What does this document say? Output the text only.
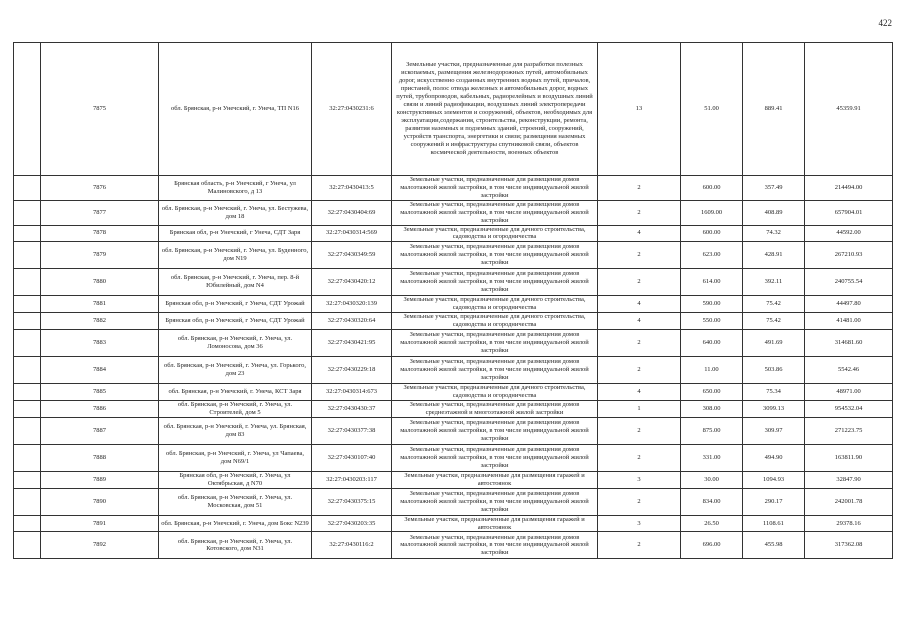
422
	7875	обл. Брянская, р-н Унечский, г. Унеча, ТП N16	32:27:0430231:6	Земельные участки, предназначенные для разработки полезных ископаемых, размещения железнодорожных путей, автомобильных дорог, искусственно созданных внутренних водных путей, причалов, пристаней, полос отвода железных и автомобильных дорог, водных путей, трубопроводов, кабельных, радиорелейных и воздушных линий связи и линий радиофикации, воздушных линий электропередачи конструктивных элементов и сооружений, объектов, необходимых для эксплуатации,содержания, строительства, реконструкции, ремонта, развития наземных и подземных зданий, строений, сооружений, устройств транспорта, энергетики и связи; размещения наземных сооружений и инфраструктуры спутниковой связи, объектов космической деятельности, военных объектов	13	51.00	889.41	45359.91
	7876	Брянская область, р-н Унечский, г Унеча, ул Малиновского, д 13	32:27:0430413:5	Земельные участки, предназначенные для размещения домов малоэтажной жилой застройки, в том числе индивидуальной жилой застройки	2	600.00	357.49	214494.00
	7877	обл. Брянская, р-н Унечский, г. Унеча, ул. Бестужева, дом 18	32:27:0430404:69	Земельные участки, предназначенные для размещения домов малоэтажной жилой застройки, в том числе индивидуальной жилой застройки	2	1609.00	408.89	657904.01
	7878	Брянская обл, р-н Унечский, г Унеча, СДТ Заря	32:27:0430314:569	Земельные участки, предназначенные для дачного строительства, садоводства и огородничества	4	600.00	74.32	44592.00
	7879	обл. Брянская, р-н Унечский, г. Унеча, ул. Буденного, дом N19	32:27:0430349:59	Земельные участки, предназначенные для размещения домов малоэтажной жилой застройки, в том числе индивидуальной жилой застройки	2	623.00	428.91	267210.93
	7880	обл. Брянская, р-н Унечский, г. Унеча, пер. 8-й Юбилейный, дом N4	32:27:0430420:12	Земельные участки, предназначенные для размещения домов малоэтажной жилой застройки, в том числе индивидуальной жилой застройки	2	614.00	392.11	240755.54
	7881	Брянская обл, р-н Унечский, г Унеча, СДТ Урожай	32:27:0430320:139	Земельные участки, предназначенные для дачного строительства, садоводства и огородничества	4	590.00	75.42	44497.80
	7882	Брянская обл, р-н Унечский, г Унеча, СДТ Урожай	32:27:0430320:64	Земельные участки, предназначенные для дачного строительства, садоводства и огородничества	4	550.00	75.42	41481.00
	7883	обл. Брянская, р-н Унечский, г. Унеча, ул. Ломоносова, дом 36	32:27:0430421:95	Земельные участки, предназначенные для размещения домов малоэтажной жилой застройки, в том числе индивидуальной жилой застройки	2	640.00	491.69	314681.60
	7884	обл. Брянская, р-н Унечский, г. Унеча, ул. Горького, дом 23	32:27:0430229:18	Земельные участки, предназначенные для размещения домов малоэтажной жилой застройки, в том числе индивидуальной жилой застройки	2	11.00	503.86	5542.46
	7885	обл. Брянская, р-н Унечский, г. Унеча, КСТ Заря	32:27:0430314:673	Земельные участки, предназначенные для дачного строительства, садоводства и огородничества	4	650.00	75.34	48971.00
	7886	обл. Брянская, р-н Унечский, г. Унеча, ул. Строителей, дом 5	32:27:0430430:37	Земельные участки, предназначенные для размещения домов среднеэтажной и многоэтажной жилой застройки	1	308.00	3099.13	954532.04
	7887	обл. Брянская, р-н Унечский, г. Унеча, ул. Брянская, дом 83	32:27:0430377:38	Земельные участки, предназначенные для размещения домов малоэтажной жилой застройки, в том числе индивидуальной жилой застройки	2	875.00	309.97	271223.75
	7888	обл. Брянская, р-н Унечский, г. Унеча, ул Чапаева, дом N69/1	32:27:0430107:40	Земельные участки, предназначенные для размещения домов малоэтажной жилой застройки, в том числе индивидуальной жилой застройки	2	331.00	494.90	163811.90
	7889	Брянская обл, р-н Унечский, г. Унеча, ул Октябрьская, д N70	32:27:0430203:117	Земельные участки, предназначенные для размещения гаражей и автостоянок	3	30.00	1094.93	32847.90
	7890	обл. Брянская, р-н Унечский, г. Унеча, ул. Московская, дом 51	32:27:0430375:15	Земельные участки, предназначенные для размещения домов малоэтажной жилой застройки, в том числе индивидуальной жилой застройки	2	834.00	290.17	242001.78
	7891	обл. Брянская, р-н Унечский, г. Унеча, дом Бокс N239	32:27:0430203:35	Земельные участки, предназначенные для размещения гаражей и автостоянок	3	26.50	1108.61	29378.16
	7892	обл. Брянская, р-н Унечский, г. Унеча, ул. Котовского, дом N31	32:27:0430116:2	Земельные участки, предназначенные для размещения домов малоэтажной жилой застройки, в том числе индивидуальной жилой застройки	2	696.00	455.98	317362.08
